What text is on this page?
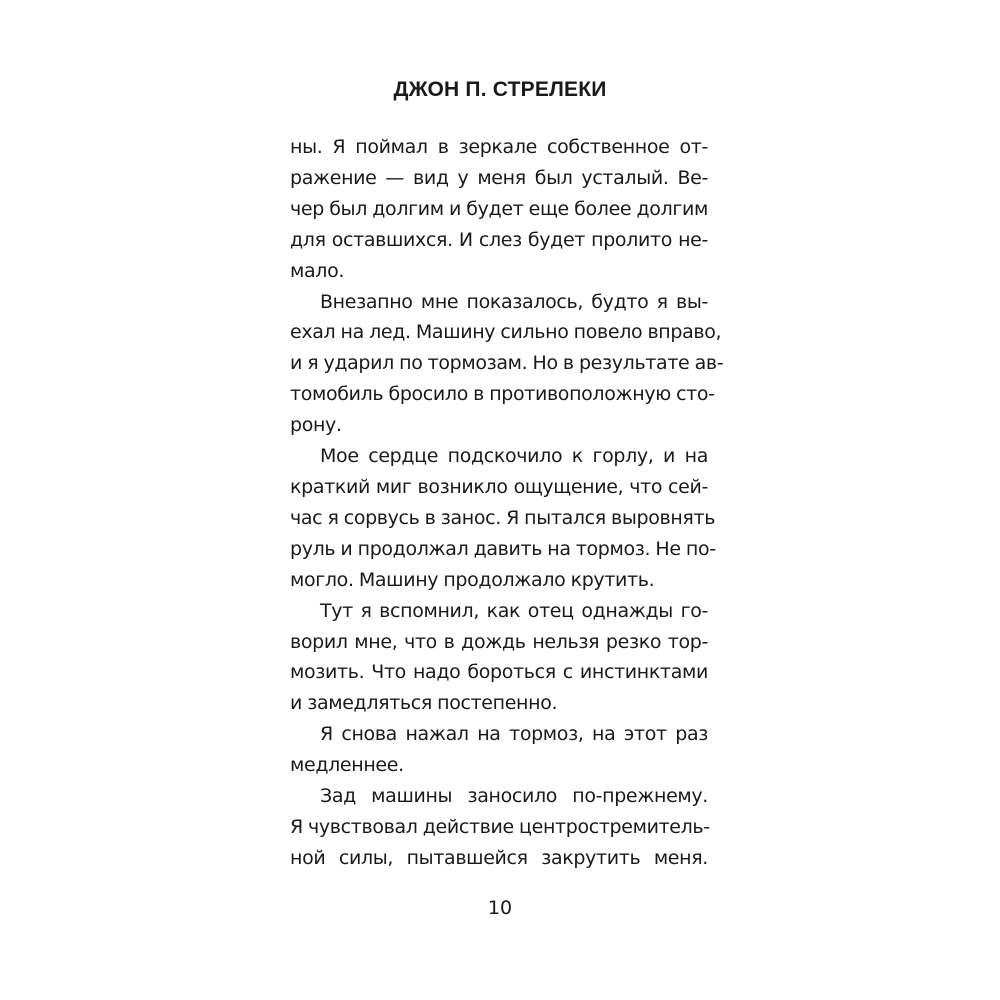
ДЖОН П. СТРЕЛЕКИ
ны. Я поймал в зеркале собственное от-
ражение — вид у меня был усталый. Ве-
чер был долгим и будет еще более долгим
для оставшихся. И слез будет пролито не-
мало.
Внезапно мне показалось, будто я вы-
ехал на лед. Машину сильно повело вправо,
и я ударил по тормозам. Но в результате ав-
томобиль бросило в противоположную сто-
рону.
Мое сердце подскочило к горлу, и на
краткий миг возникло ощущение, что сей-
час я сорвусь в занос. Я пытался выровнять
руль и продолжал давить на тормоз. Не по-
могло. Машину продолжало крутить.
Тут я вспомнил, как отец однажды го-
ворил мне, что в дождь нельзя резко тор-
мозить. Что надо бороться с инстинктами
и замедляться постепенно.
Я снова нажал на тормоз, на этот раз
медленнее.
Зад машины заносило по-прежнему.
Я чувствовал действие центростремитель-
ной силы, пытавшейся закрутить меня.
10
